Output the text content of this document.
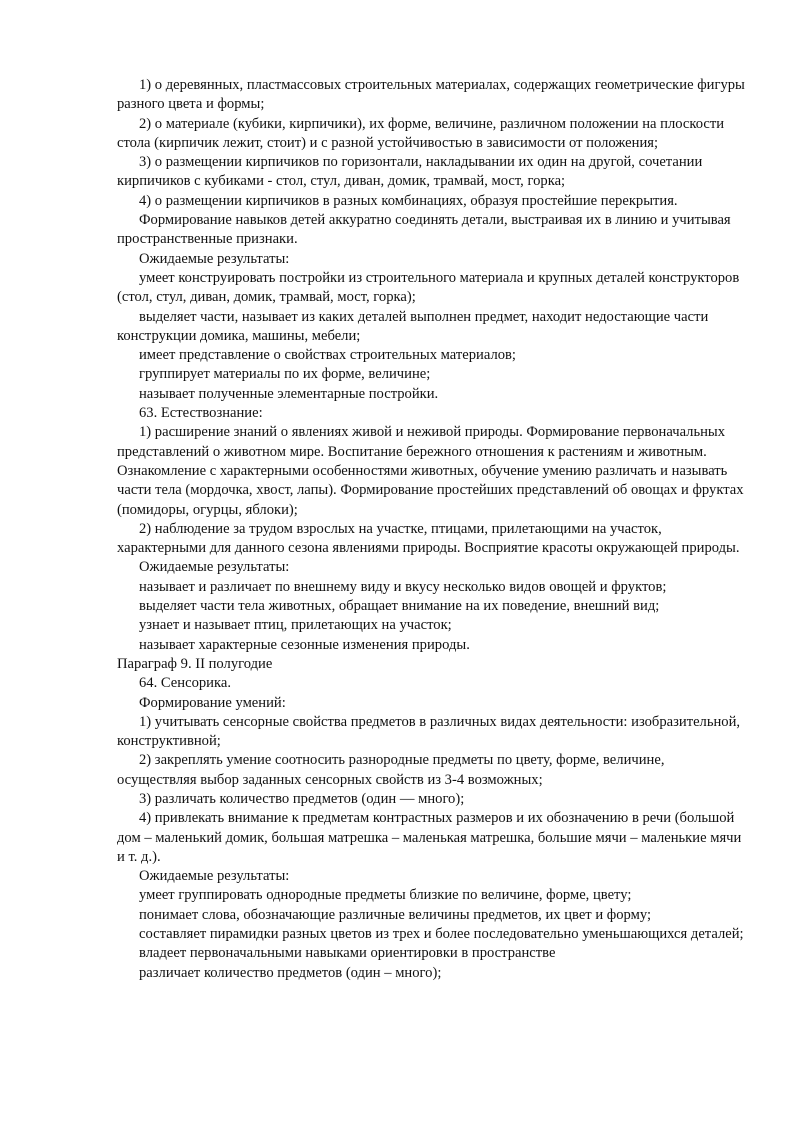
1) о деревянных, пластмассовых строительных материалах, содержащих геометрические фигуры разного цвета и формы;

2) о материале (кубики, кирпичики), их форме, величине, различном положении на плоскости стола (кирпичик лежит, стоит) и с разной устойчивостью в зависимости от положения;

3) о размещении кирпичиков по горизонтали, накладывании их один на другой, сочетании кирпичиков с кубиками - стол, стул, диван, домик, трамвай, мост, горка;

4) о размещении кирпичиков в разных комбинациях, образуя простейшие перекрытия.

Формирование навыков детей аккуратно соединять детали, выстраивая их в линию и учитывая пространственные признаки.

Ожидаемые результаты:

умеет конструировать постройки из строительного материала и крупных деталей конструкторов (стол, стул, диван, домик, трамвай, мост, горка);

выделяет части, называет из каких деталей выполнен предмет, находит недостающие части конструкции домика, машины, мебели;

имеет представление о свойствах строительных материалов;

группирует материалы по их форме, величине;

называет полученные элементарные постройки.

63. Естествознание:

1) расширение знаний о явлениях живой и неживой природы. Формирование первоначальных представлений о животном мире. Воспитание бережного отношения к растениям и животным. Ознакомление с характерными особенностями животных, обучение умению различать и называть части тела (мордочка, хвост, лапы). Формирование простейших представлений об овощах и фруктах (помидоры, огурцы, яблоки);

2) наблюдение за трудом взрослых на участке, птицами, прилетающими на участок, характерными для данного сезона явлениями природы. Восприятие красоты окружающей природы.

Ожидаемые результаты:

называет и различает по внешнему виду и вкусу несколько видов овощей и фруктов;

выделяет части тела животных, обращает внимание на их поведение, внешний вид;

узнает и называет птиц, прилетающих на участок;

называет характерные сезонные изменения природы.

Параграф 9. II полугодие

64. Сенсорика.

Формирование умений:

1) учитывать сенсорные свойства предметов в различных видах деятельности: изобразительной, конструктивной;

2) закреплять умение соотносить разнородные предметы по цвету, форме, величине, осуществляя выбор заданных сенсорных свойств из 3-4 возможных;

3) различать количество предметов (один — много);

4) привлекать внимание к предметам контрастных размеров и их обозначению в речи (большой дом – маленький домик, большая матрешка – маленькая матрешка, большие мячи – маленькие мячи и т. д.).

Ожидаемые результаты:

умеет группировать однородные предметы близкие по величине, форме, цвету;

понимает слова, обозначающие различные величины предметов, их цвет и форму;

составляет пирамидки разных цветов из трех и более последовательно уменьшающихся деталей;

владеет первоначальными навыками ориентировки в пространстве

различает количество предметов (один – много);
